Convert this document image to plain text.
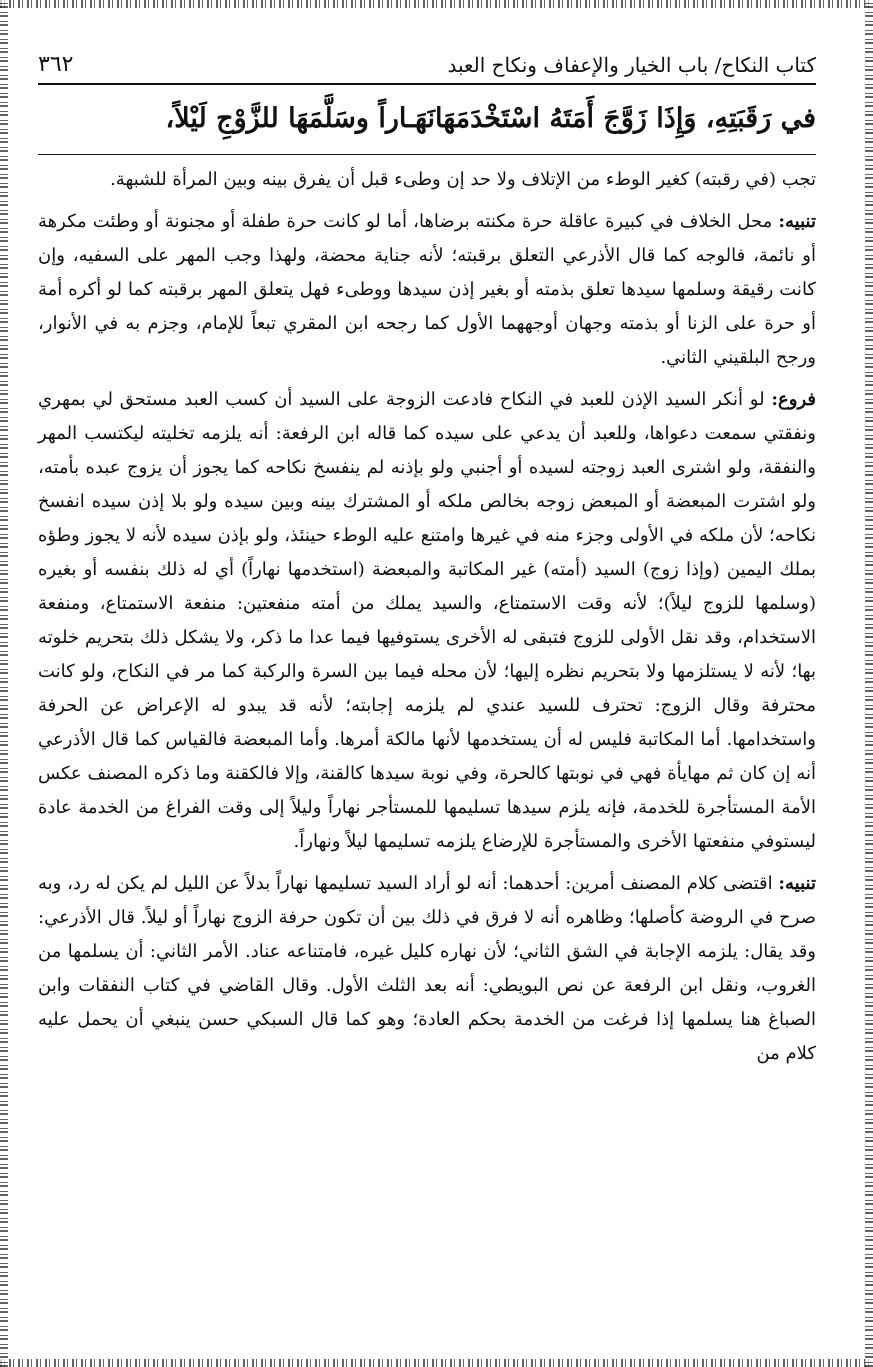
كتاب النكاح/ باب الخيار والإعفاف ونكاح العبد
٣٦٢
في رَقَبَتِهِ، وَإِذَا زَوَّجَ أَمَتَهُ اسْتَخْدَمَهَانَهَـاراً وسَلَّمَهَا للزَّوْجِ لَيْلاً،

تجب (في رقبته) كغير الوطء من الإتلاف ولا حد إن وطىء قبل أن يفرق بينه وبين المرأة للشبهة.

تنبيه: محل الخلاف في كبيرة عاقلة حرة مكنته برضاها، أما لو كانت حرة طفلة أو مجنونة أو وطئت مكرهة أو نائمة، فالوجه كما قال الأذرعي التعلق برقبته؛ لأنه جناية محضة، ولهذا وجب المهر على السفيه، وإن كانت رقيقة وسلمها سيدها تعلق بذمته أو بغير إذن سيدها ووطىء فهل يتعلق المهر برقبته كما لو أكره أمة أو حرة على الزنا أو بذمته وجهان أوجههما الأول كما رجحه ابن المقري تبعاً للإمام، وجزم به في الأنوار، ورجح البلقيني الثاني.

فروع: لو أنكر السيد الإذن للعبد في النكاح فادعت الزوجة على السيد أن كسب العبد مستحق لي بمهري ونفقتي سمعت دعواها، وللعبد أن يدعي على سيده كما قاله ابن الرفعة: أنه يلزمه تخليته ليكتسب المهر والنفقة، ولو اشترى العبد زوجته لسيده أو أجنبي ولو بإذنه لم ينفسخ نكاحه كما يجوز أن يزوج عبده بأمته، ولو اشترت المبعضة أو المبعض زوجه بخالص ملكه أو المشترك بينه وبين سيده ولو بلا إذن سيده انفسخ نكاحه؛ لأن ملكه في الأولى وجزء منه في غيرها وامتنع عليه الوطء حينئذ، ولو بإذن سيده لأنه لا يجوز وطؤه بملك اليمين (وإذا زوج) السيد (أمته) غير المكاتبة والمبعضة (استخدمها نهاراً) أي له ذلك بنفسه أو بغيره (وسلمها للزوج ليلاً)؛ لأنه وقت الاستمتاع، والسيد يملك من أمته منفعتين: منفعة الاستمتاع، ومنفعة الاستخدام، وقد نقل الأولى للزوج فتبقى له الأخرى يستوفيها فيما عدا ما ذكر، ولا يشكل ذلك بتحريم خلوته بها؛ لأنه لا يستلزمها ولا بتحريم نظره إليها؛ لأن محله فيما بين السرة والركبة كما مر في النكاح، ولو كانت محترفة وقال الزوج: تحترف للسيد عندي لم يلزمه إجابته؛ لأنه قد يبدو له الإعراض عن الحرفة واستخدامها. أما المكاتبة فليس له أن يستخدمها لأنها مالكة أمرها. وأما المبعضة فالقياس كما قال الأذرعي أنه إن كان ثم مهايأة فهي في نوبتها كالحرة، وفي نوبة سيدها كالقنة، وإلا فالكقنة وما ذكره المصنف عكس الأمة المستأجرة للخدمة، فإنه يلزم سيدها تسليمها للمستأجر نهاراً وليلاً إلى وقت الفراغ من الخدمة عادة ليستوفي منفعتها الأخرى والمستأجرة للإرضاع يلزمه تسليمها ليلاً ونهاراً.

تنبيه: اقتضى كلام المصنف أمرين: أحدهما: أنه لو أراد السيد تسليمها نهاراً بدلاً عن الليل لم يكن له رد، وبه صرح في الروضة كأصلها؛ وظاهره أنه لا فرق في ذلك بين أن تكون حرفة الزوج نهاراً أو ليلاً. قال الأذرعي: وقد يقال: يلزمه الإجابة في الشق الثاني؛ لأن نهاره كليل غيره، فامتناعه عناد. الأمر الثاني: أن يسلمها من الغروب، ونقل ابن الرفعة عن نص البويطي: أنه بعد الثلث الأول. وقال القاضي في كتاب النفقات وابن الصباغ هنا يسلمها إذا فرغت من الخدمة بحكم العادة؛ وهو كما قال السبكي حسن ينبغي أن يحمل عليه كلام من
